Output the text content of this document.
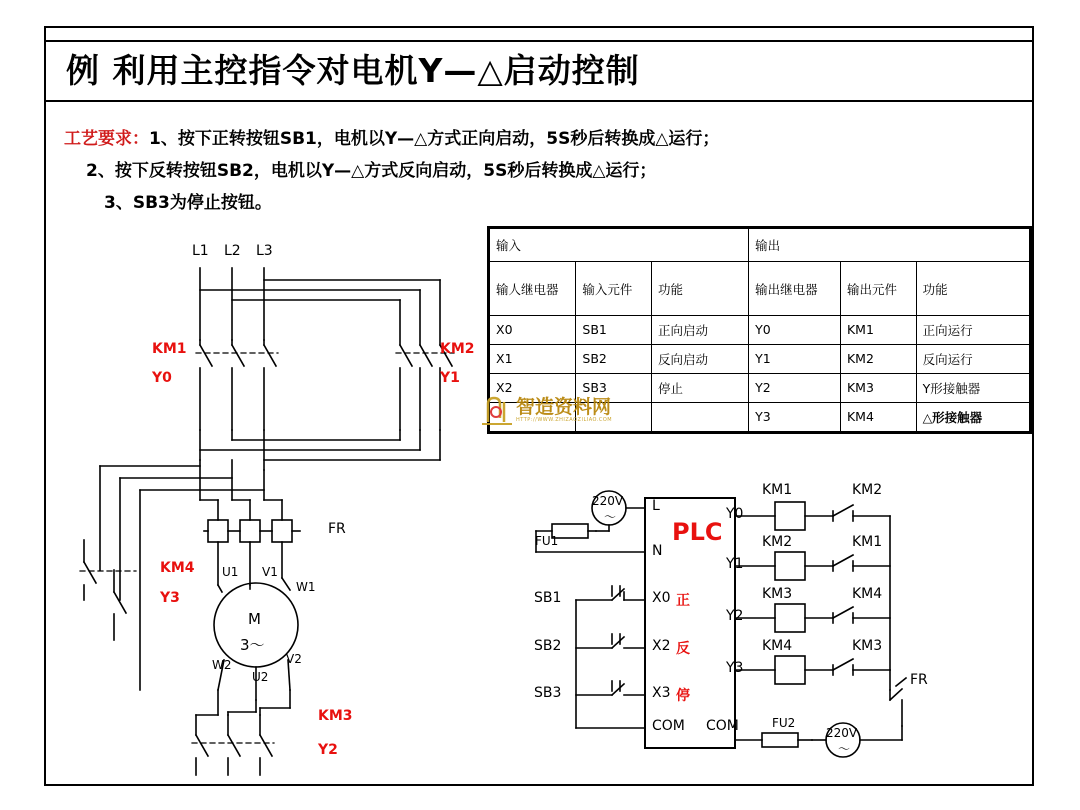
例 利用主控指令对电机Y—△启动控制
工艺要求：1、按下正转按钮SB1，电机以Y—△方式正向启动，5S秒后转换成△运行；
2、按下反转按钮SB2，电机以Y—△方式反向启动，5S秒后转换成△运行；
3、SB3为停止按钮。
输入			输出		
输人继电器	输入元件	功能	输出继电器	输出元件	功能
X0	SB1	正向启动	Y0	KM1	正向运行
X1	SB2	反向启动	Y1	KM2	反向运行
X2	SB3	停止	Y2	KM3	Y形接触器
			Y3	KM4	△形接触器
智造资料网
HTTP://WWW.ZHIZAOZILIAO.COM
L1 L2 L3
KM1
Y0
KM2
Y1
FR
KM4
Y3
U1 V1
W1
W2	V2
U2
M
3～
KM3
Y2
FU1
220V
～
L
N
PLC
SB1
SB2
SB3
X0 正
X2 反
X3 停
COM COM
Y0
Y1
Y2
Y3
KM1
KM2
KM3
KM4
KM2
KM1
KM4
KM3
FR
FU2
220V
～
